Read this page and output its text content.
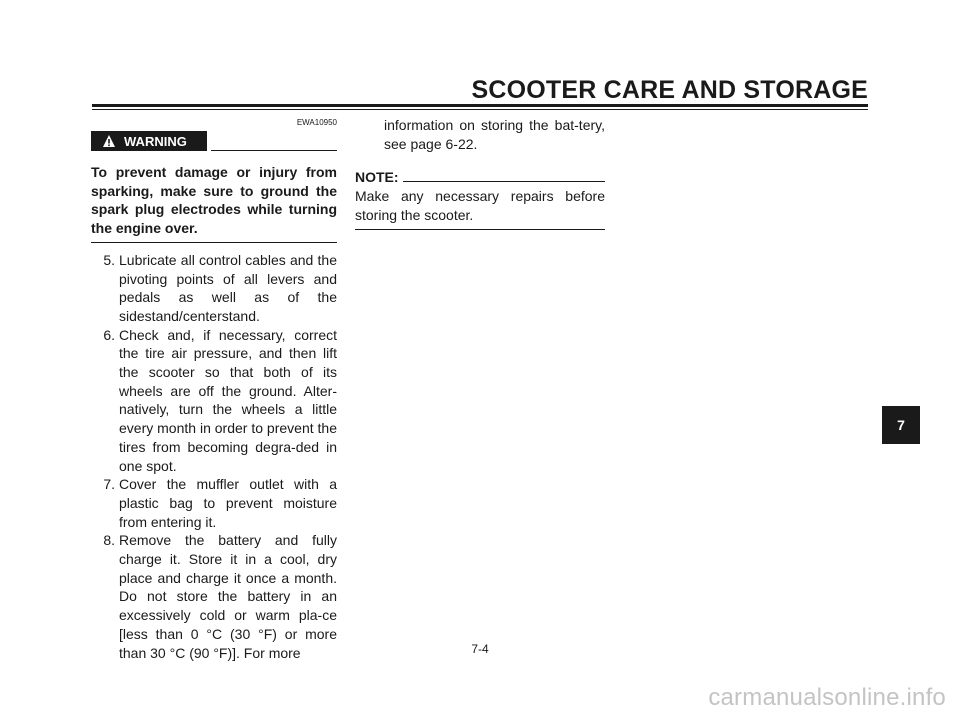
SCOOTER CARE AND STORAGE
EWA10950
WARNING

To prevent damage or injury from sparking, make sure to ground the spark plug electrodes while turning the engine over.

5. Lubricate all control cables and the pivoting points of all levers and pedals as well as of the sidestand/centerstand.
6. Check and, if necessary, correct the tire air pressure, and then lift the scooter so that both of its wheels are off the ground. Alter-natively, turn the wheels a little every month in order to prevent the tires from becoming degra-ded in one spot.
7. Cover the muffler outlet with a plastic bag to prevent moisture from entering it.
8. Remove the battery and fully charge it. Store it in a cool, dry place and charge it once a month. Do not store the battery in an excessively cold or warm pla-ce [less than 0 °C (30 °F) or more than 30 °C (90 °F)]. For more

information on storing the bat-tery, see page 6-22.

NOTE:

Make any necessary repairs before storing the scooter.

7
7-4
carmanualsonline.info
